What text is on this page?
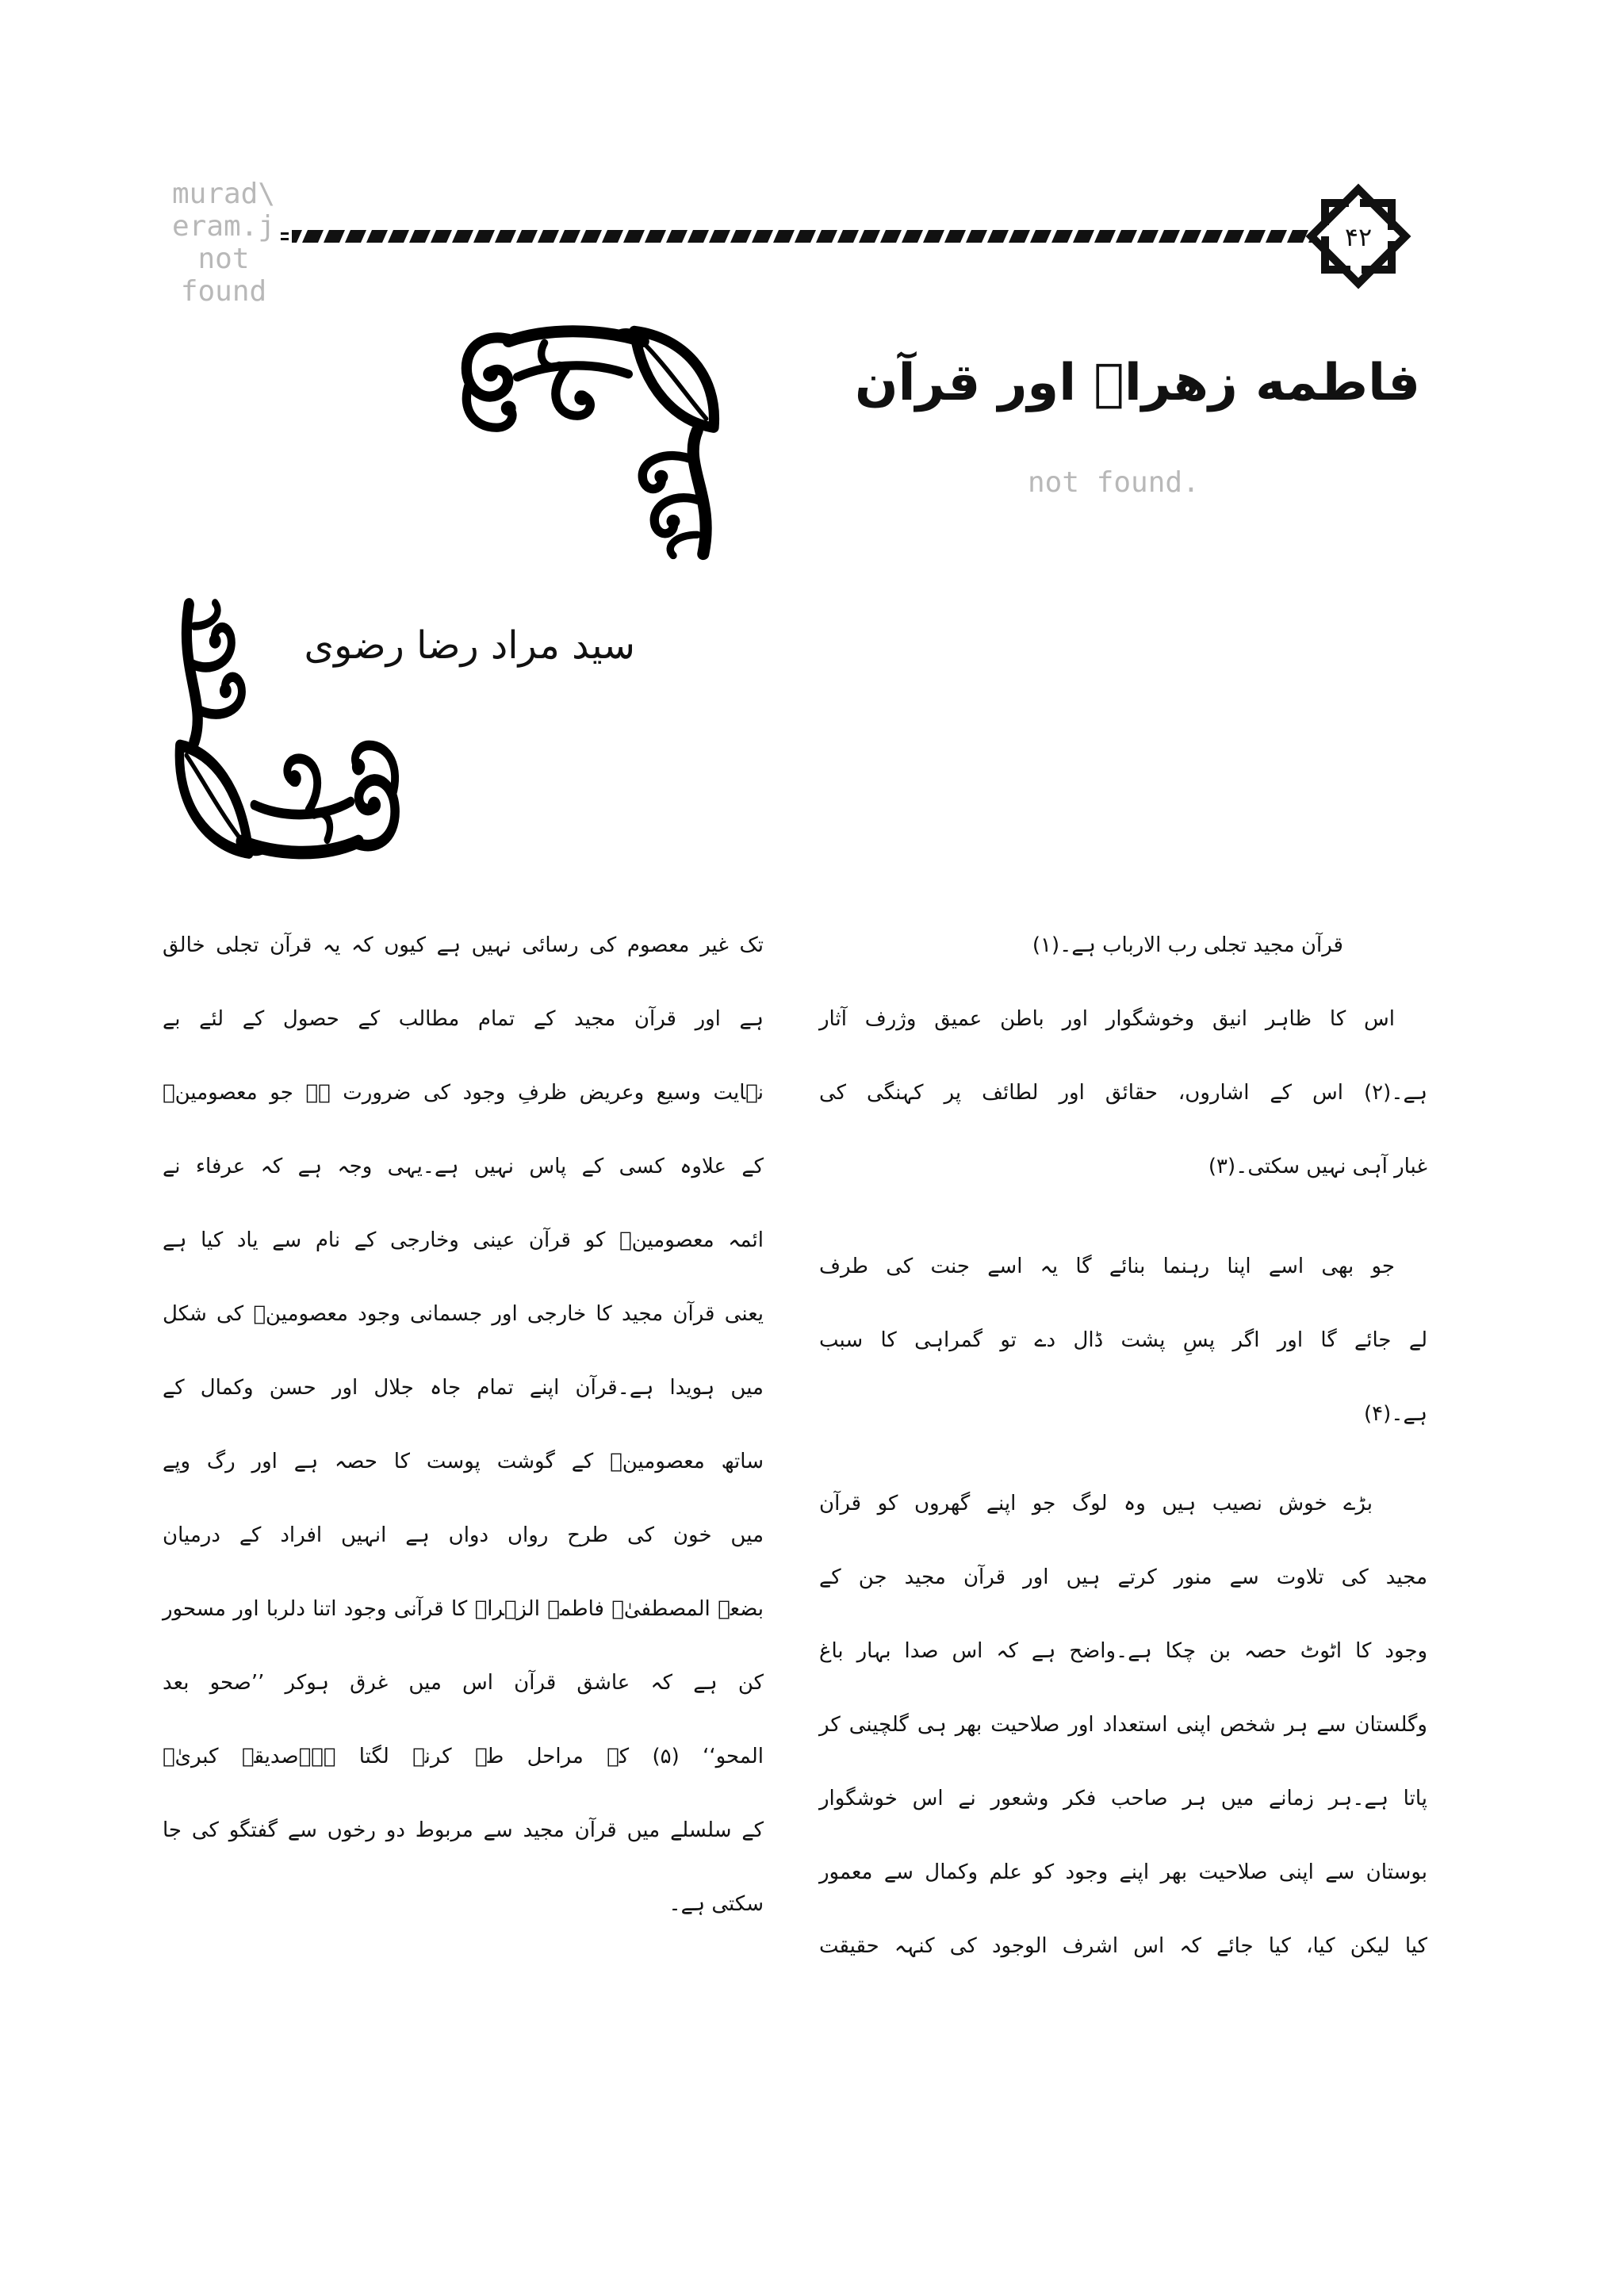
murad\
eram.j
not
found
۴۲
فاطمه زهراؑ اور قرآن
not found.
سید مراد رضا رضوی
قرآن مجید تجلی رب الارباب ہے۔(۱)
اس کا ظاہر انیق وخوشگوار اور باطن عمیق وژرف آثار
ہے۔(۲) اس کے اشاروں، حقائق اور لطائف پر کہنگی کی
غبار آہی نہیں سکتی۔(۳)
جو بھی اسے اپنا رہنما بنائے گا یہ اسے جنت کی طرف
لے جائے گا اور اگر پسِ پشت ڈال دے تو گمراہی کا سبب
ہے۔(۴)
بڑے خوش نصیب ہیں وہ لوگ جو اپنے گھروں کو قرآن
مجید کی تلاوت سے منور کرتے ہیں اور قرآن مجید جن کے
وجود کا اٹوٹ حصہ بن چکا ہے۔واضح ہے کہ اس صدا بہار باغ
وگلستان سے ہر شخص اپنی استعداد اور صلاحیت بھر ہی گلچینی کر
پاتا ہے۔ہر زمانے میں ہر صاحب فکر وشعور نے اس خوشگوار
بوستان سے اپنی صلاحیت بھر اپنے وجود کو علم وکمال سے معمور
کیا لیکن کیا، کیا جائے کہ اس اشرف الوجود کی کنہہ حقیقت
تک غیر معصوم کی رسائی نہیں ہے کیوں کہ یہ قرآن تجلی خالق
ہے اور قرآن مجید کے تمام مطالب کے حصول کے لئے بے
نہایت وسیع وعریض ظرفِ وجود کی ضرورت ہے جو معصومینؑ
کے علاوہ کسی کے پاس نہیں ہے۔یہی وجہ ہے کہ عرفاء نے
ائمہ معصومینؑ کو قرآن عینی وخارجی کے نام سے یاد کیا ہے
یعنی قرآن مجید کا خارجی اور جسمانی وجود معصومینؑ کی شکل
میں ہویدا ہے۔قرآن اپنے تمام جاہ جلال اور حسن وکمال کے
ساتھ معصومینؑ کے گوشت پوست کا حصہ ہے اور رگ وپے
میں خون کی طرح رواں دواں ہے انہیں افراد کے درمیان
بضعۃ المصطفیٰؐ فاطمۃ الزہراؑ کا قرآنی وجود اتنا دلربا اور مسحور
کن ہے کہ عاشق قرآن اس میں غرق ہوکر ’’صحو بعد
المحو‘‘ (۵) کے مراحل طے کرنے لگتا ہے۔صدیقۂ کبریٰؑ
کے سلسلے میں قرآن مجید سے مربوط دو رخوں سے گفتگو کی جا
سکتی ہے۔
